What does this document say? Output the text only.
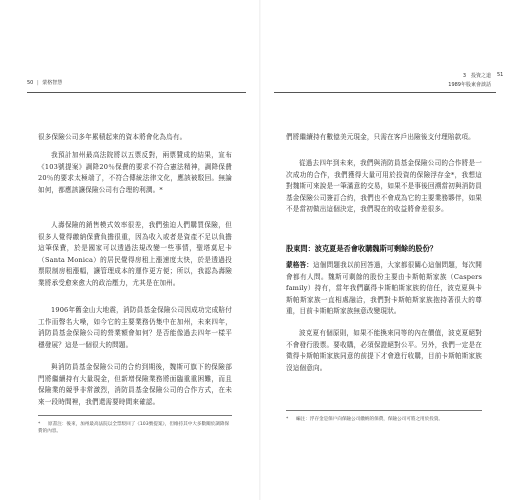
50 | 蒙格智慧

很多保險公司多年累積起來的資本將會化為烏有。

我預計加州最高法院將以五票反對，兩票贊成的結果，宣布《103號提案》調降20％保費的要求不符合憲法精神，調降保費20％的要求太極端了，不符合傳統法律文化，應該被駁回。無論如何，都應該讓保險公司有合理的利潤。*

人壽保險的銷售模式效率很差，我們強迫人們購買保險，但很多人覺得繳納保費負擔很重，因為收入或者是資產不足以負擔這筆保費，於是國家可以透過法規改變一些事情，聖塔莫尼卡（Santa Monica）的居民覺得房租上漲速度太快，於是透過投票限制房租漲幅，讓管理成本的運作更方便；所以，我認為壽險業將承受愈來愈大的政治壓力，尤其是在加州。

1906年舊金山大地震，消防員基金保險公司因成功完成賠付工作而聲名大噪，如今它的主要業務仍集中在加州，未來四年，消防員基金保險公司的營業額會如何？是否能像過去四年一樣平穩發展？這是一個很大的問題。

與消防員基金保險公司的合約到期後，魏斯可旗下的保險部門將繼續持有大量現金，但新增保險業務將面臨重重困難，而且保險業的競爭非常激烈，消防員基金保險公司的合作方式，在未來一段時間裡，我們還需要時間來確認。

* 原書注：後來，加州最高法院以全票駁回了《103號提案》，但維持其中大多數關於調降保費的內容。
3　投資之道 51
1989年股東會談話

們將繼續持有數億美元現金，只需在客戶出險後支付理賠款項。

從過去四年到未來，我們與消防員基金保險公司的合作將是一次成功的合作，我們獲得大量可用於投資的保險浮存金*，我想這對魏斯可來說是一筆滿意的交易，如果不是事後回溯當初與消防員基金保險公司簽訂合約，我們也不會成為它的主要業務夥伴，如果不是當初做出這個決定，我們現在的收益將會差很多。

股東問：波克夏是否會收購魏斯可剩餘的股份？

蒙格答：這個問題我以前回答過，大家都很關心這個問題，每次開會都有人問。魏斯可剩餘的股份主要由卡斯帕斯家族（Caspers family）持有，當年我們贏得卡斯帕斯家族的信任，波克夏與卡斯帕斯家族一直相處融洽，我們對卡斯帕斯家族抱持著很大的尊重，目前卡斯帕斯家族無意改變現狀。

波克夏有個原則，如果不能換來同等的內在價值，波克夏絕對不會發行股票。要收購，必須保證絕對公平。另外，我們一定是在徵得卡斯帕斯家族同意的前提下才會進行收購，目前卡斯帕斯家族沒這個意向。

* 編注：浮存金是保戶向保險公司繳納的保費，保險公司可將之用於投資。
